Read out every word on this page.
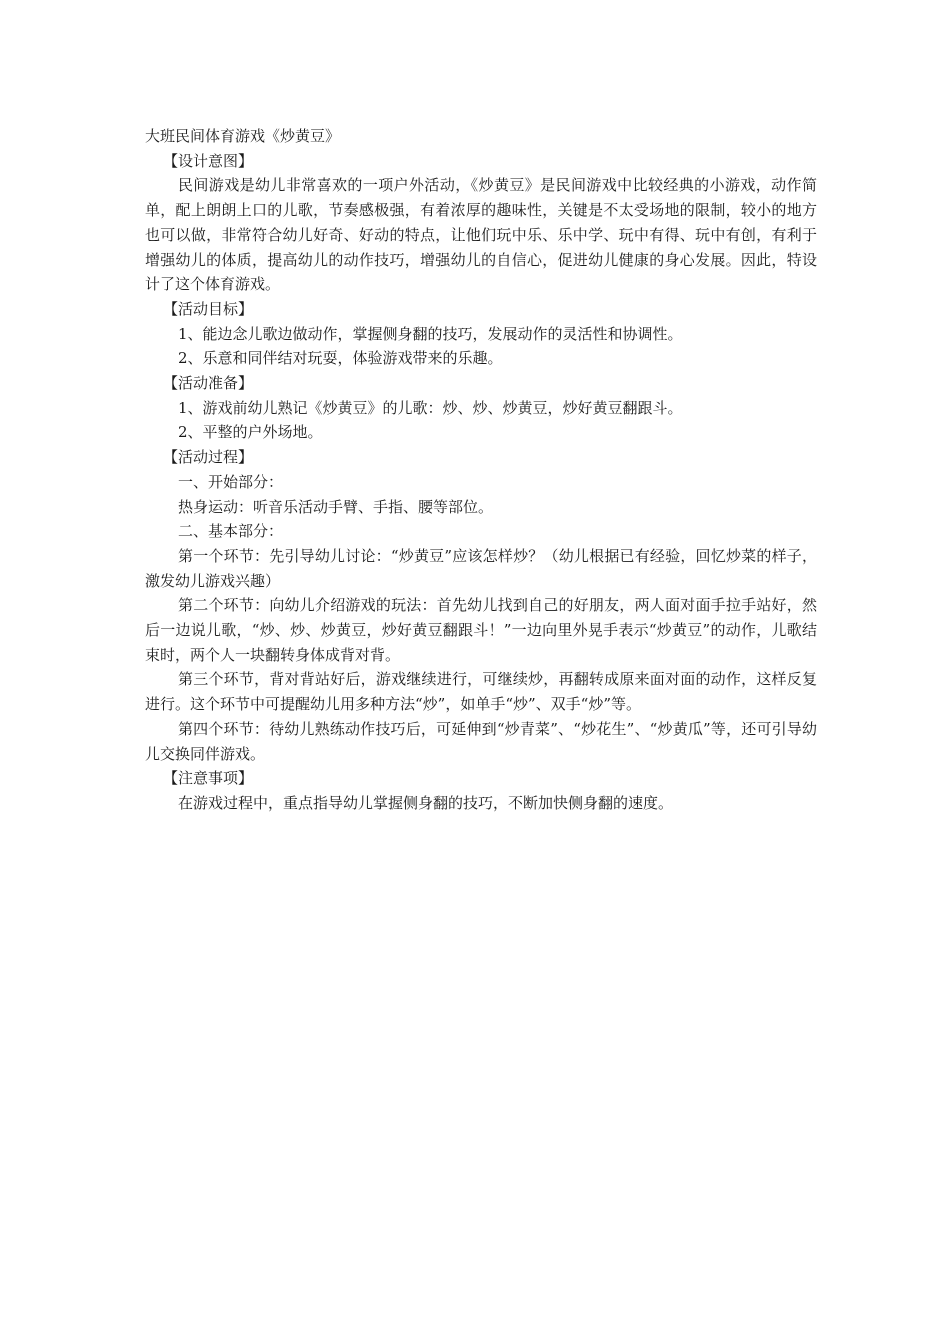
大班民间体育游戏《炒黄豆》

【设计意图】

民间游戏是幼儿非常喜欢的一项户外活动，《炒黄豆》是民间游戏中比较经典的小游戏，动作简单，配上朗朗上口的儿歌，节奏感极强，有着浓厚的趣味性，关键是不太受场地的限制，较小的地方也可以做，非常符合幼儿好奇、好动的特点，让他们玩中乐、乐中学、玩中有得、玩中有创，有利于增强幼儿的体质，提高幼儿的动作技巧，增强幼儿的自信心，促进幼儿健康的身心发展。因此，特设计了这个体育游戏。

【活动目标】

1、能边念儿歌边做动作，掌握侧身翻的技巧，发展动作的灵活性和协调性。

2、乐意和同伴结对玩耍，体验游戏带来的乐趣。

【活动准备】

1、游戏前幼儿熟记《炒黄豆》的儿歌：炒、炒、炒黄豆，炒好黄豆翻跟斗。

2、平整的户外场地。

【活动过程】

一、开始部分：

热身运动：听音乐活动手臂、手指、腰等部位。

二、基本部分：

第一个环节：先引导幼儿讨论：“炒黄豆”应该怎样炒？（幼儿根据已有经验，回忆炒菜的样子，激发幼儿游戏兴趣）

第二个环节：向幼儿介绍游戏的玩法：首先幼儿找到自己的好朋友，两人面对面手拉手站好，然后一边说儿歌，“炒、炒、炒黄豆，炒好黄豆翻跟斗！”一边向里外晃手表示“炒黄豆”的动作，儿歌结束时，两个人一块翻转身体成背对背。

第三个环节，背对背站好后，游戏继续进行，可继续炒，再翻转成原来面对面的动作，这样反复进行。这个环节中可提醒幼儿用多种方法“炒”，如单手“炒”、双手“炒”等。

第四个环节：待幼儿熟练动作技巧后，可延伸到“炒青菜”、“炒花生”、“炒黄瓜”等，还可引导幼儿交换同伴游戏。

【注意事项】

在游戏过程中，重点指导幼儿掌握侧身翻的技巧，不断加快侧身翻的速度。
